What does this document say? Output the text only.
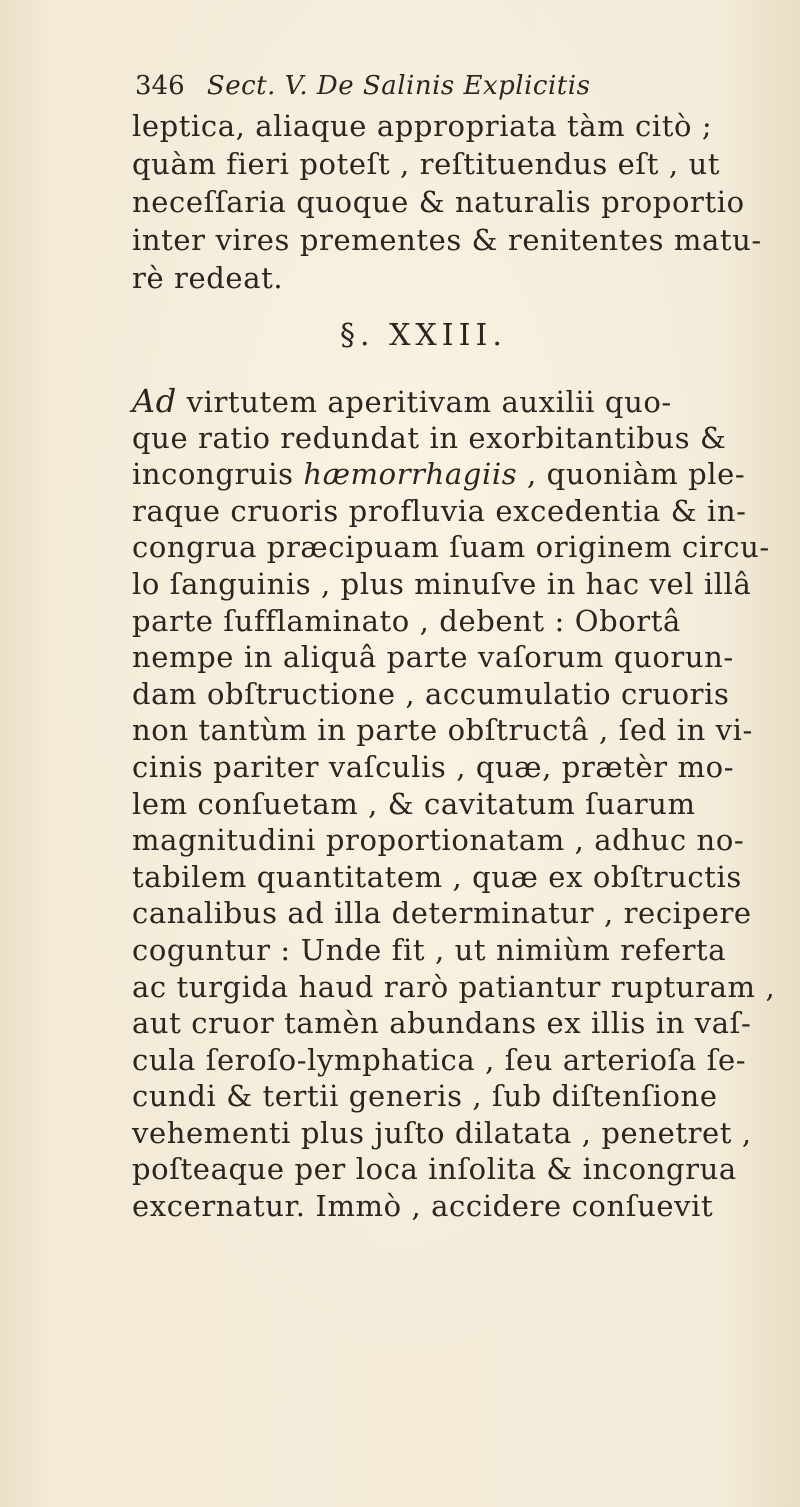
346 Sect. V. De Salinis Explicitis
leptica, aliaque appropriata tàm citò ;
quàm fieri poteſt , reſtituendus eſt , ut
neceſſaria quoque & naturalis proportio
inter vires prementes & renitentes matu-
rè redeat.
§. XXIII.
Ad virtutem aperitivam auxilii quo-
que ratio redundat in exorbitantibus &
incongruis hæmorrhagiis , quoniàm ple-
raque cruoris profluvia excedentia & in-
congrua præcipuam ſuam originem circu-
lo ſanguinis , plus minuſve in hac vel illâ
parte ſufflaminato , debent : Obortâ
nempe in aliquâ parte vaſorum quorun-
dam obſtructione , accumulatio cruoris
non tantùm in parte obſtructâ , ſed in vi-
cinis pariter vaſculis , quæ, prætèr mo-
lem conſuetam , & cavitatum ſuarum
magnitudini proportionatam , adhuc no-
tabilem quantitatem , quæ ex obſtructis
canalibus ad illa determinatur , recipere
coguntur : Unde fit , ut nimiùm referta
ac turgida haud rarò patiantur rupturam ,
aut cruor tamèn abundans ex illis in vaſ-
cula ſeroſo-lymphatica , ſeu arterioſa ſe-
cundi & tertii generis , ſub diſtenſione
vehementi plus juſto dilatata , penetret ,
poſteaque per loca inſolita & incongrua
excernatur. Immò , accidere conſuevit
